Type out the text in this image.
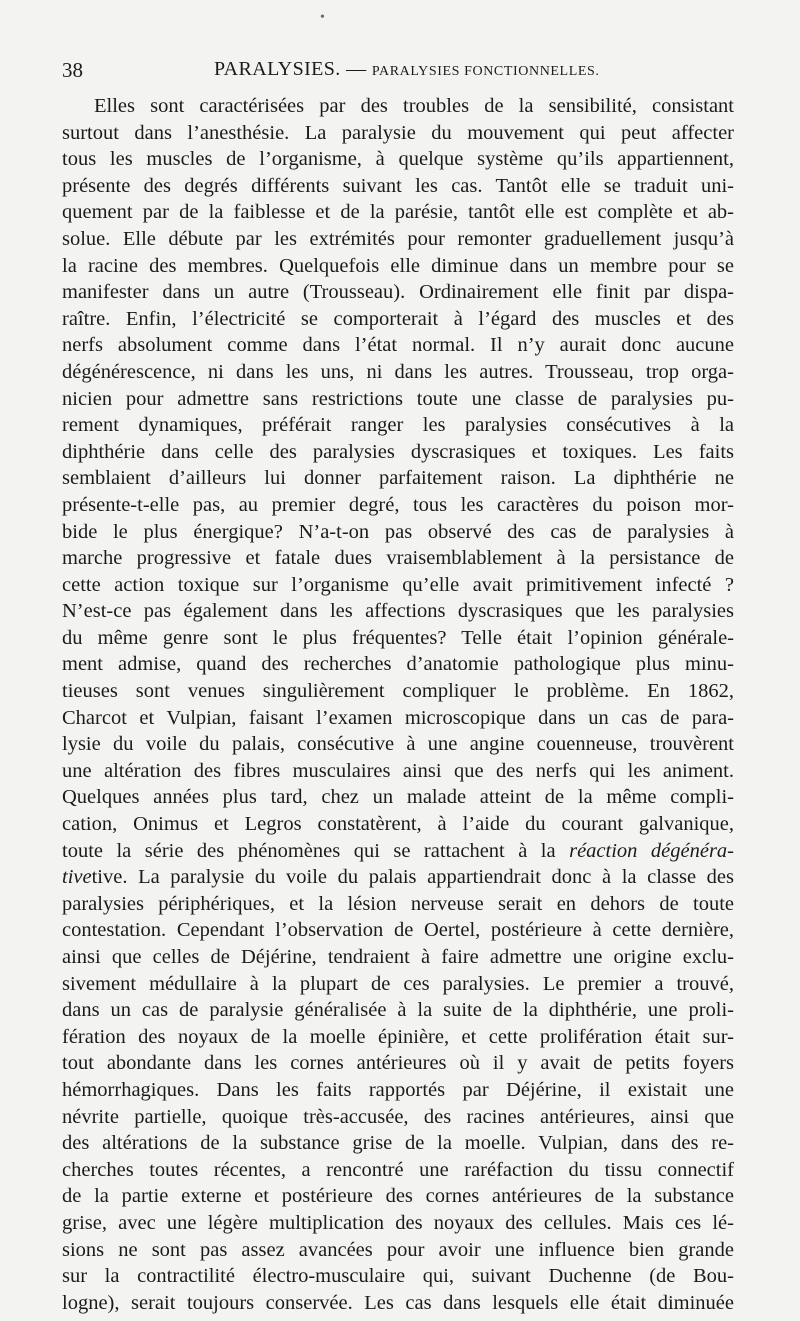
•
38	PARALYSIES. — PARALYSIES FONCTIONNELLES.
Elles sont caractérisées par des troubles de la sensibilité, consistant
surtout dans l’anesthésie. La paralysie du mouvement qui peut affecter
tous les muscles de l’organisme, à quelque système qu’ils appartiennent,
présente des degrés différents suivant les cas. Tantôt elle se traduit uni-
quement par de la faiblesse et de la parésie, tantôt elle est complète et ab-
solue. Elle débute par les extrémités pour remonter graduellement jusqu’à
la racine des membres. Quelquefois elle diminue dans un membre pour se
manifester dans un autre (Trousseau). Ordinairement elle finit par dispa-
raître. Enfin, l’électricité se comporterait à l’égard des muscles et des
nerfs absolument comme dans l’état normal. Il n’y aurait donc aucune
dégénérescence, ni dans les uns, ni dans les autres. Trousseau, trop orga-
nicien pour admettre sans restrictions toute une classe de paralysies pu-
rement dynamiques, préférait ranger les paralysies consécutives à la
diphthérie dans celle des paralysies dyscrasiques et toxiques. Les faits
semblaient d’ailleurs lui donner parfaitement raison. La diphthérie ne
présente-t-elle pas, au premier degré, tous les caractères du poison mor-
bide le plus énergique? N’a-t-on pas observé des cas de paralysies à
marche progressive et fatale dues vraisemblablement à la persistance de
cette action toxique sur l’organisme qu’elle avait primitivement infecté ?
N’est-ce pas également dans les affections dyscrasiques que les paralysies
du même genre sont le plus fréquentes? Telle était l’opinion générale-
ment admise, quand des recherches d’anatomie pathologique plus minu-
tieuses sont venues singulièrement compliquer le problème. En 1862,
Charcot et Vulpian, faisant l’examen microscopique dans un cas de para-
lysie du voile du palais, consécutive à une angine couenneuse, trouvèrent
une altération des fibres musculaires ainsi que des nerfs qui les animent.
Quelques années plus tard, chez un malade atteint de la même compli-
cation, Onimus et Legros constatèrent, à l’aide du courant galvanique,
toute la série des phénomènes qui se rattachent à la réaction dégénéra-
tivetive. La paralysie du voile du palais appartiendrait donc à la classe des
paralysies périphériques, et la lésion nerveuse serait en dehors de toute
contestation. Cependant l’observation de Oertel, postérieure à cette dernière,
ainsi que celles de Déjérine, tendraient à faire admettre une origine exclu-
sivement médullaire à la plupart de ces paralysies. Le premier a trouvé,
dans un cas de paralysie généralisée à la suite de la diphthérie, une proli-
fération des noyaux de la moelle épinière, et cette prolifération était sur-
tout abondante dans les cornes antérieures où il y avait de petits foyers
hémorrhagiques. Dans les faits rapportés par Déjérine, il existait une
névrite partielle, quoique très-accusée, des racines antérieures, ainsi que
des altérations de la substance grise de la moelle. Vulpian, dans des re-
cherches toutes récentes, a rencontré une raréfaction du tissu connectif
de la partie externe et postérieure des cornes antérieures de la substance
grise, avec une légère multiplication des noyaux des cellules. Mais ces lé-
sions ne sont pas assez avancées pour avoir une influence bien grande
sur la contractilité électro-musculaire qui, suivant Duchenne (de Bou-
logne), serait toujours conservée. Les cas dans lesquels elle était diminuée
